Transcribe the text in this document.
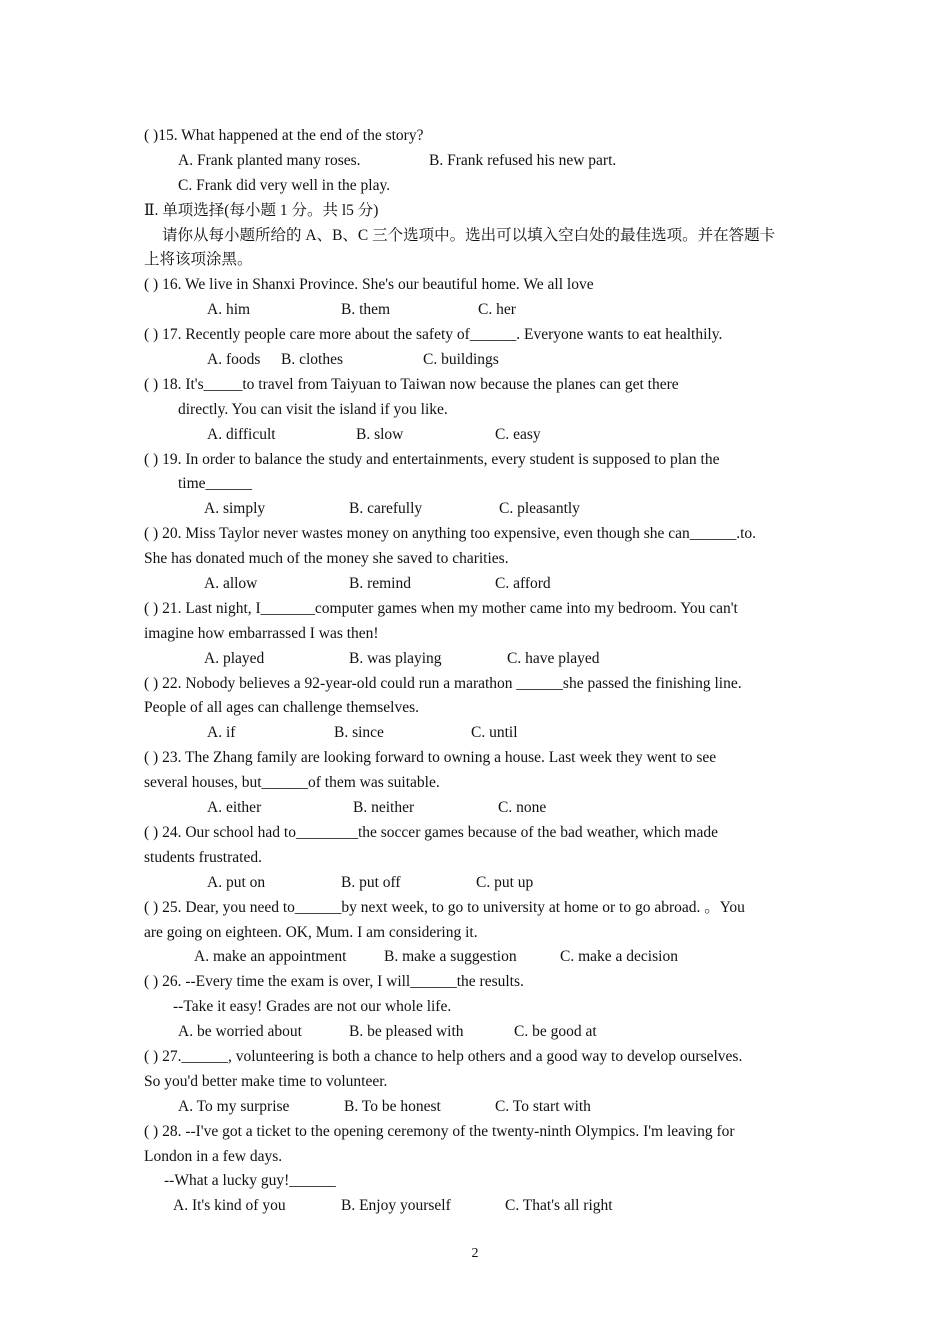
( )15. What happened at the end of the story?
A. Frank planted many roses.	B. Frank refused his new part.
C. Frank did very well in the play.
Ⅱ. 单项选择(每小题 1 分。共 l5 分)
请你从每小题所给的 A、B、C 三个选项中。选出可以填入空白处的最佳选项。并在答题卡
上将该项涂黑。
( ) 16. We live in Shanxi Province. She's our beautiful home. We all love
A. him	B. them	C. her
( ) 17. Recently people care more about the safety of______. Everyone wants to eat healthily.
A. foods B. clothes	C. buildings
( ) 18. It's_____to travel from Taiyuan to Taiwan now because the planes can get there
directly. You can visit the island if you like.
A. difficult	B. slow	C. easy
( ) 19. In order to balance the study and entertainments, every student is supposed to plan the
time______
A. simply	B. carefully	C. pleasantly
( ) 20. Miss Taylor never wastes money on anything too expensive, even though she can______.to.
She has donated much of the money she saved to charities.
A. allow	B. remind	C. afford
( ) 21. Last night, I_______computer games when my mother came into my bedroom. You can't
imagine how embarrassed I was then!
A. played	B. was playing	C. have played
( ) 22. Nobody believes a 92-year-old could run a marathon ______she passed the finishing line.
People of all ages can challenge themselves.
A. if	B. since	C. until
( ) 23. The Zhang family are looking forward to owning a house. Last week they went to see
several houses, but______of them was suitable.
A. either	B. neither	C. none
( ) 24. Our school had to________the soccer games because of the bad weather, which made
students frustrated.
A. put on	B. put off	C. put up
( ) 25. Dear, you need to______by next week, to go to university at home or to go abroad. 。You
are going on eighteen. OK, Mum. I am considering it.
A. make an appointment B. make a suggestion	C. make a decision
( ) 26. --Every time the exam is over, I will______the results.
--Take it easy! Grades are not our whole life.
A. be worried about	B. be pleased with	C. be good at
( ) 27.______, volunteering is both a chance to help others and a good way to develop ourselves.
So you'd better make time to volunteer.
A. To my surprise	B. To be honest	C. To start with
( ) 28. --I've got a ticket to the opening ceremony of the twenty-ninth Olympics. I'm leaving for
London in a few days.
--What a lucky guy!______
A. It's kind of you	B. Enjoy yourself	C. That's all right
2
